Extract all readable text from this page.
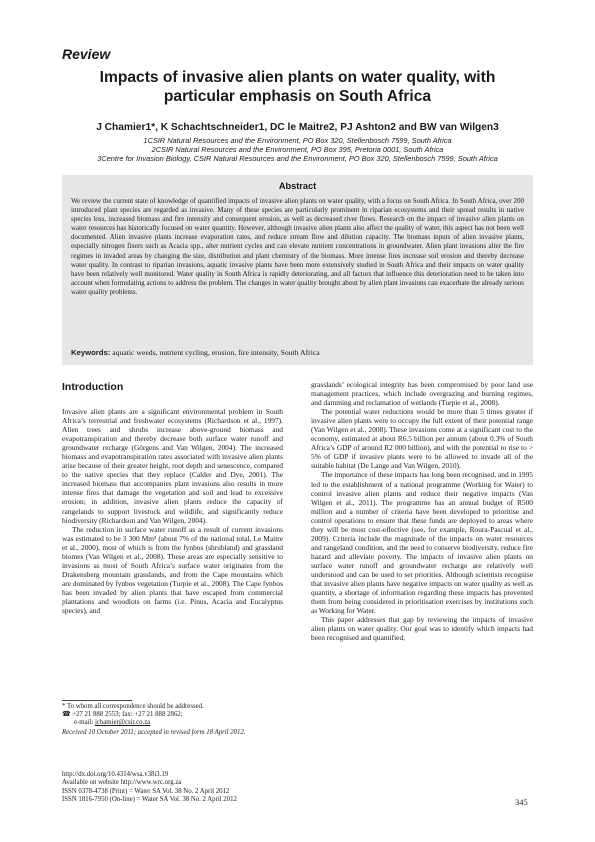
Review
Impacts of invasive alien plants on water quality, with
particular emphasis on South Africa
J Chamier1*, K Schachtschneider1, DC le Maitre2, PJ Ashton2 and BW van Wilgen3
1CSIR Natural Resources and the Environment, PO Box 320, Stellenbosch 7599, South Africa
2CSIR Natural Resources and the Environment, PO Box 395, Pretoria 0001, South Africa
3Centre for Invasion Biology, CSIR Natural Resources and the Environment, PO Box 320, Stellenbosch 7599, South Africa
Abstract
We review the current state of knowledge of quantified impacts of invasive alien plants on water quality, with a focus on South Africa. In South Africa, over 200 introduced plant species are regarded as invasive. Many of these species are particularly prominent in riparian ecosystems and their spread results in native species loss, increased biomass and fire intensity and consequent erosion, as well as decreased river flows. Research on the impact of invasive alien plants on water resources has historically focused on water quantity. However, although invasive alien plants also affect the quality of water, this aspect has not been well documented. Alien invasive plants increase evaporation rates, and reduce stream flow and dilution capacity. The biomass inputs of alien invasive plants, especially nitrogen fixers such as Acacia spp., alter nutrient cycles and can elevate nutrient concentrations in groundwater. Alien plant invasions alter the fire regimes in invaded areas by changing the size, distribution and plant chemistry of the biomass. More intense fires increase soil erosion and thereby decrease water quality. In contrast to riparian invasions, aquatic invasive plants have been more extensively studied in South Africa and their impacts on water quality have been relatively well monitored. Water quality in South Africa is rapidly deteriorating, and all factors that influence this deterioration need to be taken into account when formulating actions to address the problem. The changes in water quality brought about by alien plant invasions can exacerbate the already serious water quality problems.
Keywords: aquatic weeds, nutrient cycling, erosion, fire intensity, South Africa
Introduction

Invasive alien plants are a significant environmental problem in South Africa’s terrestrial and freshwater ecosystems (Richardson et al., 1997). Alien trees and shrubs increase above-ground biomass and evapotranspiration and thereby decrease both surface water runoff and groundwater recharge (Görgens and Van Wilgen, 2004). The increased biomass and evapotranspiration rates associated with invasive alien plants arise because of their greater height, root depth and senescence, compared to the native species that they replace (Calder and Dye, 2001). The increased biomass that accompanies plant invasions also results in more intense fires that damage the vegetation and soil and lead to excessive erosion; in addition, invasive alien plants reduce the capacity of rangelands to support livestock and wildlife, and significantly reduce biodiversity (Richardson and Van Wilgen, 2004).

The reduction in surface water runoff as a result of current invasions was estimated to be 3 300 Mm³ (about 7% of the national total, Le Maitre et al., 2000), most of which is from the fynbos (shrubland) and grassland biomes (Van Wilgen et al., 2008). These areas are especially sensitive to invasions as most of South Africa’s surface water originates from the Drakensberg mountain grasslands, and from the Cape mountains which are dominated by fynbos vegetation (Turpie et al., 2008). The Cape fynbos has been invaded by alien plants that have escaped from commercial plantations and woodlots on farms (i.e. Pinus, Acacia and Eucalyptus species), and

grasslands’ ecological integrity has been compromised by poor land use management practices, which include overgrazing and burning regimes, and damming and reclamation of wetlands (Turpie et al., 2008).

The potential water reductions would be more than 5 times greater if invasive alien plants were to occupy the full extent of their potential range (Van Wilgen et al., 2008). These invasions come at a significant cost to the economy, estimated at about R6.5 billion per annum (about 0.3% of South Africa’s GDP of around R2 000 billion), and with the potential to rise to > 5% of GDP if invasive plants were to be allowed to invade all of the suitable habitat (De Lange and Van Wilgen, 2010).

The importance of these impacts has long been recognised, and in 1995 led to the establishment of a national programme (Working for Water) to control invasive alien plants and reduce their negative impacts (Van Wilgen et al., 2011). The programme has an annual budget of R500 million and a number of criteria have been developed to prioritise and control operations to ensure that these funds are deployed to areas where they will be most cost-effective (see, for example, Roura-Pascual et al., 2009). Criteria include the magnitude of the impacts on water resources and rangeland condition, and the need to conserve biodiversity, reduce fire hazard and alleviate poverty. The impacts of invasive alien plants on surface water runoff and groundwater recharge are relatively well understood and can be used to set priorities. Although scientists recognise that invasive alien plants have negative impacts on water quality as well as quantity, a shortage of information regarding these impacts has prevented them from being considered in prioritisation exercises by institutions such as Working for Water.

This paper addresses that gap by reviewing the impacts of invasive alien plants on water quality. Our goal was to identify which impacts had been recognised and quantified,

* To whom all correspondence should be addressed.
☎ +27 21 888 2553; fax: +27 21 888 2862;
e-mail: jchamier@csir.co.za
Received 10 October 2011; accepted in revised form 18 April 2012.
http://dx.doi.org/10.4314/wsa.v38i3.19
Available on website http://www.wrc.org.za
ISSN 0378-4738 (Print) = Water SA Vol. 38 No. 2 April 2012
ISSN 1816-7950 (On-line) = Water SA Vol. 38 No. 2 April 2012	345
